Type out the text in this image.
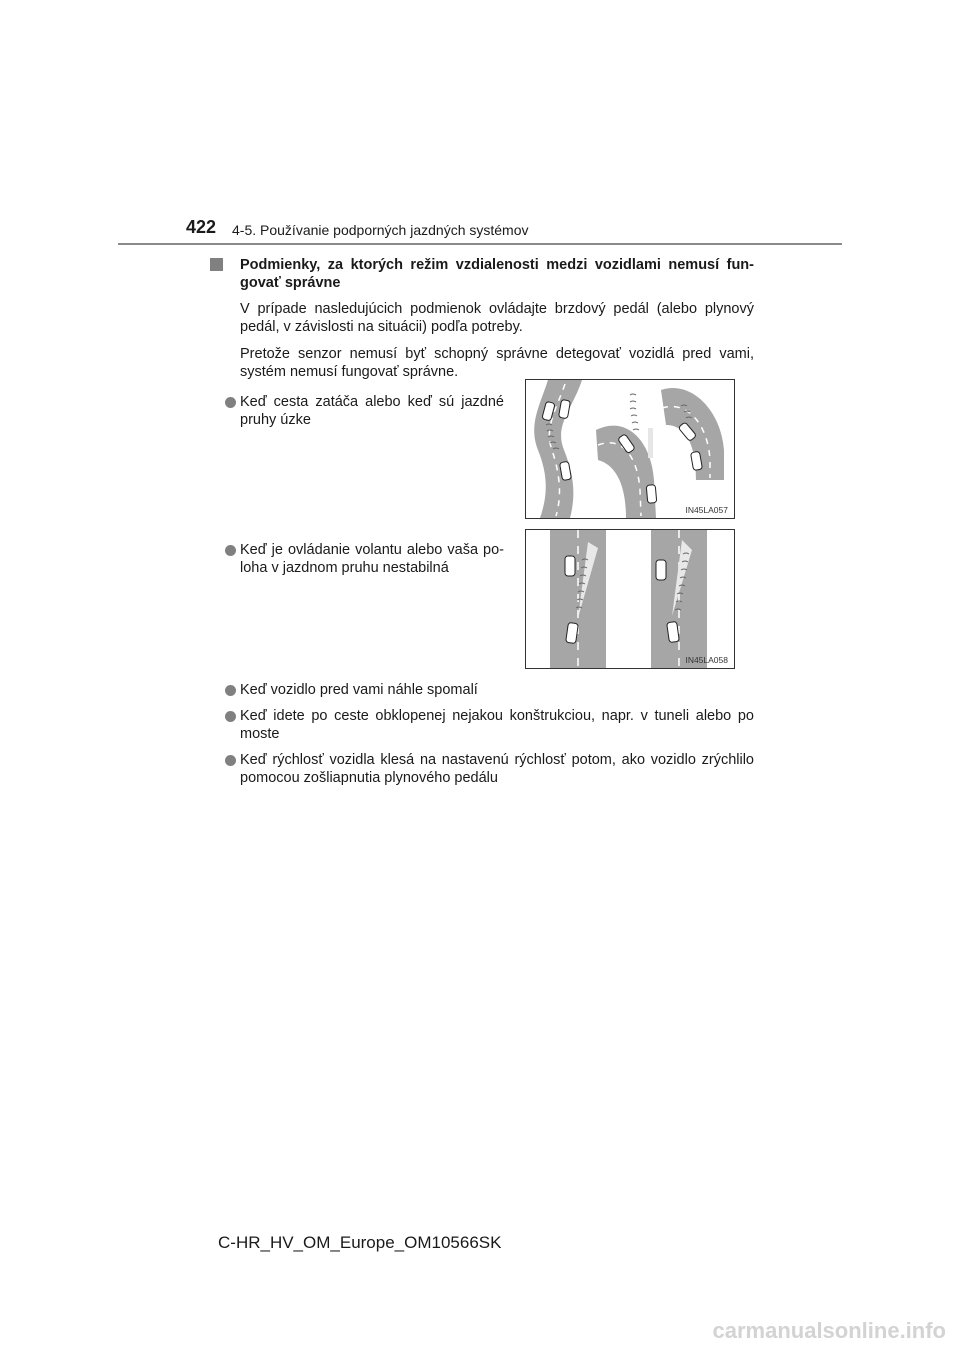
422 4-5. Používanie podporných jazdných systémov
Podmienky, za ktorých režim vzdialenosti medzi vozidlami nemusí fun- govať správne

V prípade nasledujúcich podmienok ovládajte brzdový pedál (alebo plynový pedál, v závislosti na situácii) podľa potreby.

Pretože senzor nemusí byť schopný správne detegovať vozidlá pred vami, systém nemusí fungovať správne.

Keď cesta zatáča alebo keď sú jazdné pruhy úzke
Keď je ovládanie volantu alebo vaša po- loha v jazdnom pruhu nestabilná
Keď vozidlo pred vami náhle spomalí
Keď idete po ceste obklopenej nejakou konštrukciou, napr. v tuneli alebo po moste
Keď rýchlosť vozidla klesá na nastavenú rýchlosť potom, ako vozidlo zrýchlilo pomocou zošliapnutia plynového pedálu
IN45LA057
IN45LA058
C-HR_HV_OM_Europe_OM10566SK
carmanualsonline.info
